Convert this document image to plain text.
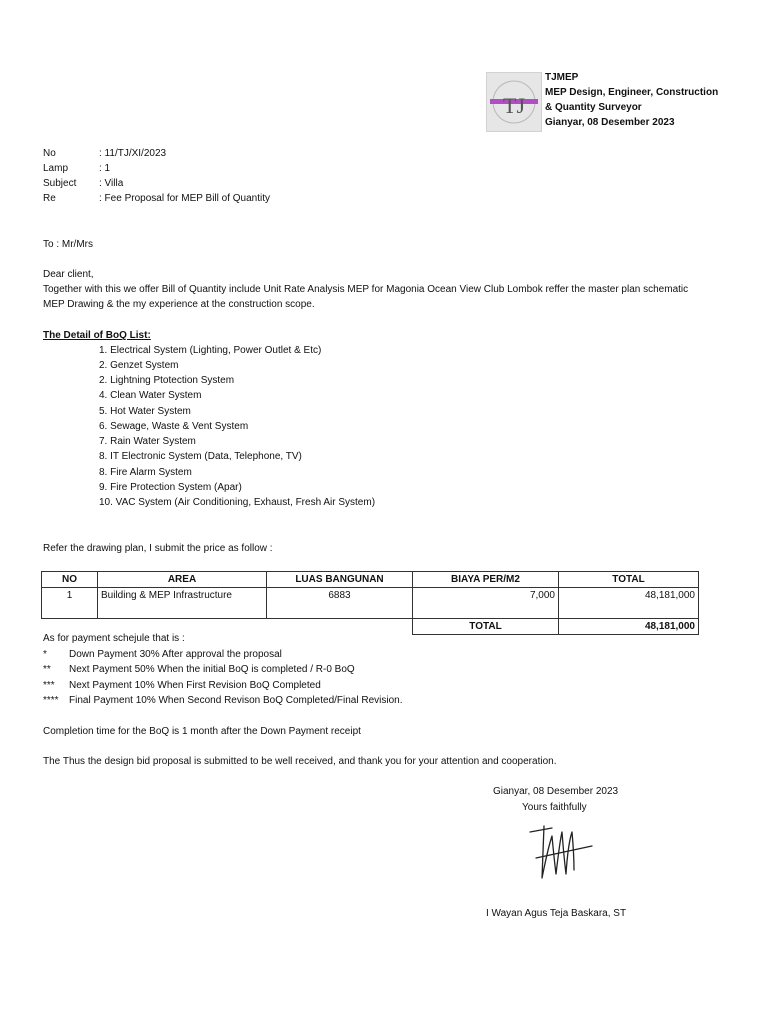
TJ
TJMEP
MEP Design, Engineer, Construction
& Quantity Surveyor
Gianyar, 08 Desember 2023
No	: 11/TJ/XI/2023
Lamp	: 1
Subject : Villa
Re	: Fee Proposal for MEP Bill of Quantity
To : Mr/Mrs
Dear client,
Together with this we offer Bill of Quantity include Unit Rate Analysis MEP for Magonia Ocean View Club Lombok reffer the master plan schematic
MEP Drawing & the my experience at the construction scope.
The Detail of BoQ List:
1. Electrical System (Lighting, Power Outlet & Etc)
2. Genzet System
2. Lightning Ptotection System
4. Clean Water System
5. Hot Water System
6. Sewage, Waste & Vent System
7. Rain Water System
8. IT Electronic System (Data, Telephone, TV)
8. Fire Alarm System
9. Fire Protection System (Apar)
10. VAC System (Air Conditioning, Exhaust, Fresh Air System)
Refer the drawing plan, I submit the price as follow :
NO	AREA	LUAS BANGUNAN	BIAYA PER/M2	TOTAL
1	Building & MEP Infrastructure	6883	7,000	48,181,000
			TOTAL	48,181,000
As for payment schejule that is :
* Down Payment 30% After approval the proposal
** Next Payment 50% When the initial BoQ is completed / R-0 BoQ
*** Next Payment 10% When First Revision BoQ Completed
**** Final Payment 10% When Second Revison BoQ Completed/Final Revision.
Completion time for the BoQ is 1 month after the Down Payment receipt
The Thus the design bid proposal is submitted to be well received, and thank you for your attention and cooperation.
Gianyar, 08 Desember 2023
Yours faithfully
I Wayan Agus Teja Baskara, ST
